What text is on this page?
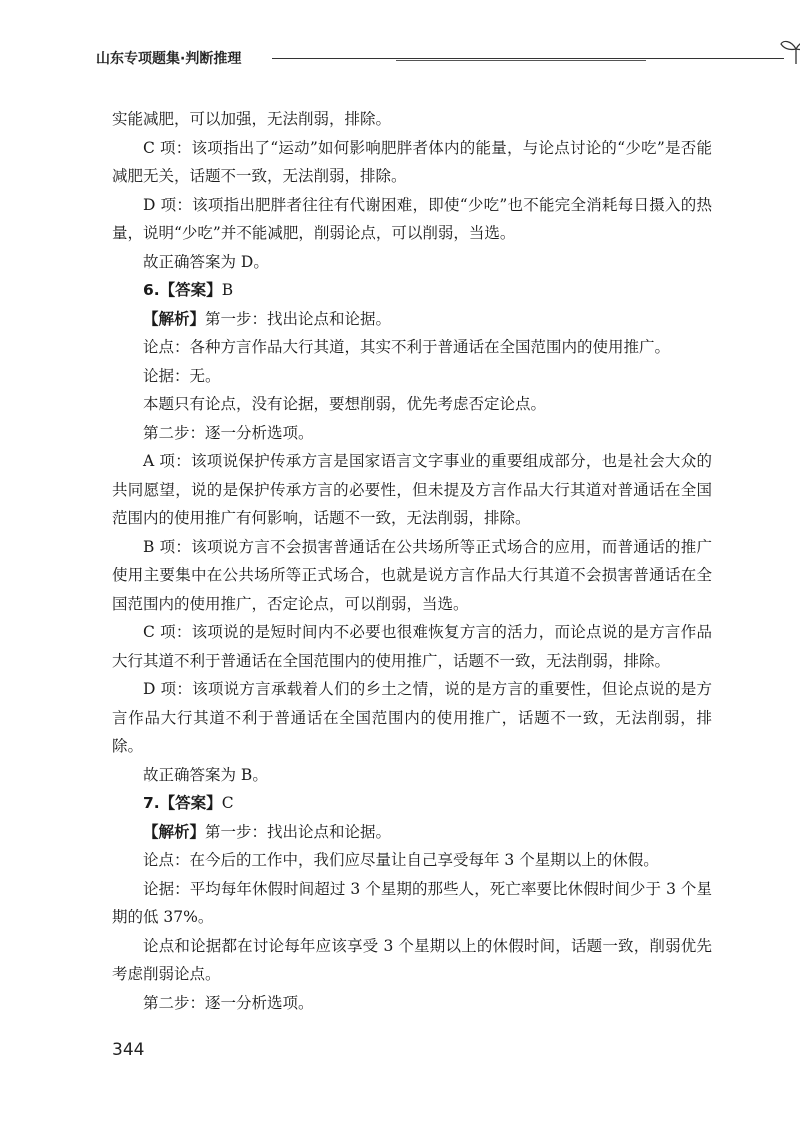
山东专项题集·判断推理

实能减肥，可以加强，无法削弱，排除。

C 项：该项指出了“运动”如何影响肥胖者体内的能量，与论点讨论的“少吃”是否能减肥无关，话题不一致，无法削弱，排除。

D 项：该项指出肥胖者往往有代谢困难，即使“少吃”也不能完全消耗每日摄入的热量，说明“少吃”并不能减肥，削弱论点，可以削弱，当选。

故正确答案为 D。

6.【答案】B

【解析】第一步：找出论点和论据。

论点：各种方言作品大行其道，其实不利于普通话在全国范围内的使用推广。

论据：无。

本题只有论点，没有论据，要想削弱，优先考虑否定论点。

第二步：逐一分析选项。

A 项：该项说保护传承方言是国家语言文字事业的重要组成部分，也是社会大众的共同愿望，说的是保护传承方言的必要性，但未提及方言作品大行其道对普通话在全国范围内的使用推广有何影响，话题不一致，无法削弱，排除。

B 项：该项说方言不会损害普通话在公共场所等正式场合的应用，而普通话的推广使用主要集中在公共场所等正式场合，也就是说方言作品大行其道不会损害普通话在全国范围内的使用推广，否定论点，可以削弱，当选。

C 项：该项说的是短时间内不必要也很难恢复方言的活力，而论点说的是方言作品大行其道不利于普通话在全国范围内的使用推广，话题不一致，无法削弱，排除。

D 项：该项说方言承载着人们的乡土之情，说的是方言的重要性，但论点说的是方言作品大行其道不利于普通话在全国范围内的使用推广，话题不一致，无法削弱，排除。

故正确答案为 B。

7.【答案】C

【解析】第一步：找出论点和论据。

论点：在今后的工作中，我们应尽量让自己享受每年 3 个星期以上的休假。

论据：平均每年休假时间超过 3 个星期的那些人，死亡率要比休假时间少于 3 个星期的低 37%。

论点和论据都在讨论每年应该享受 3 个星期以上的休假时间，话题一致，削弱优先考虑削弱论点。

第二步：逐一分析选项。

344
